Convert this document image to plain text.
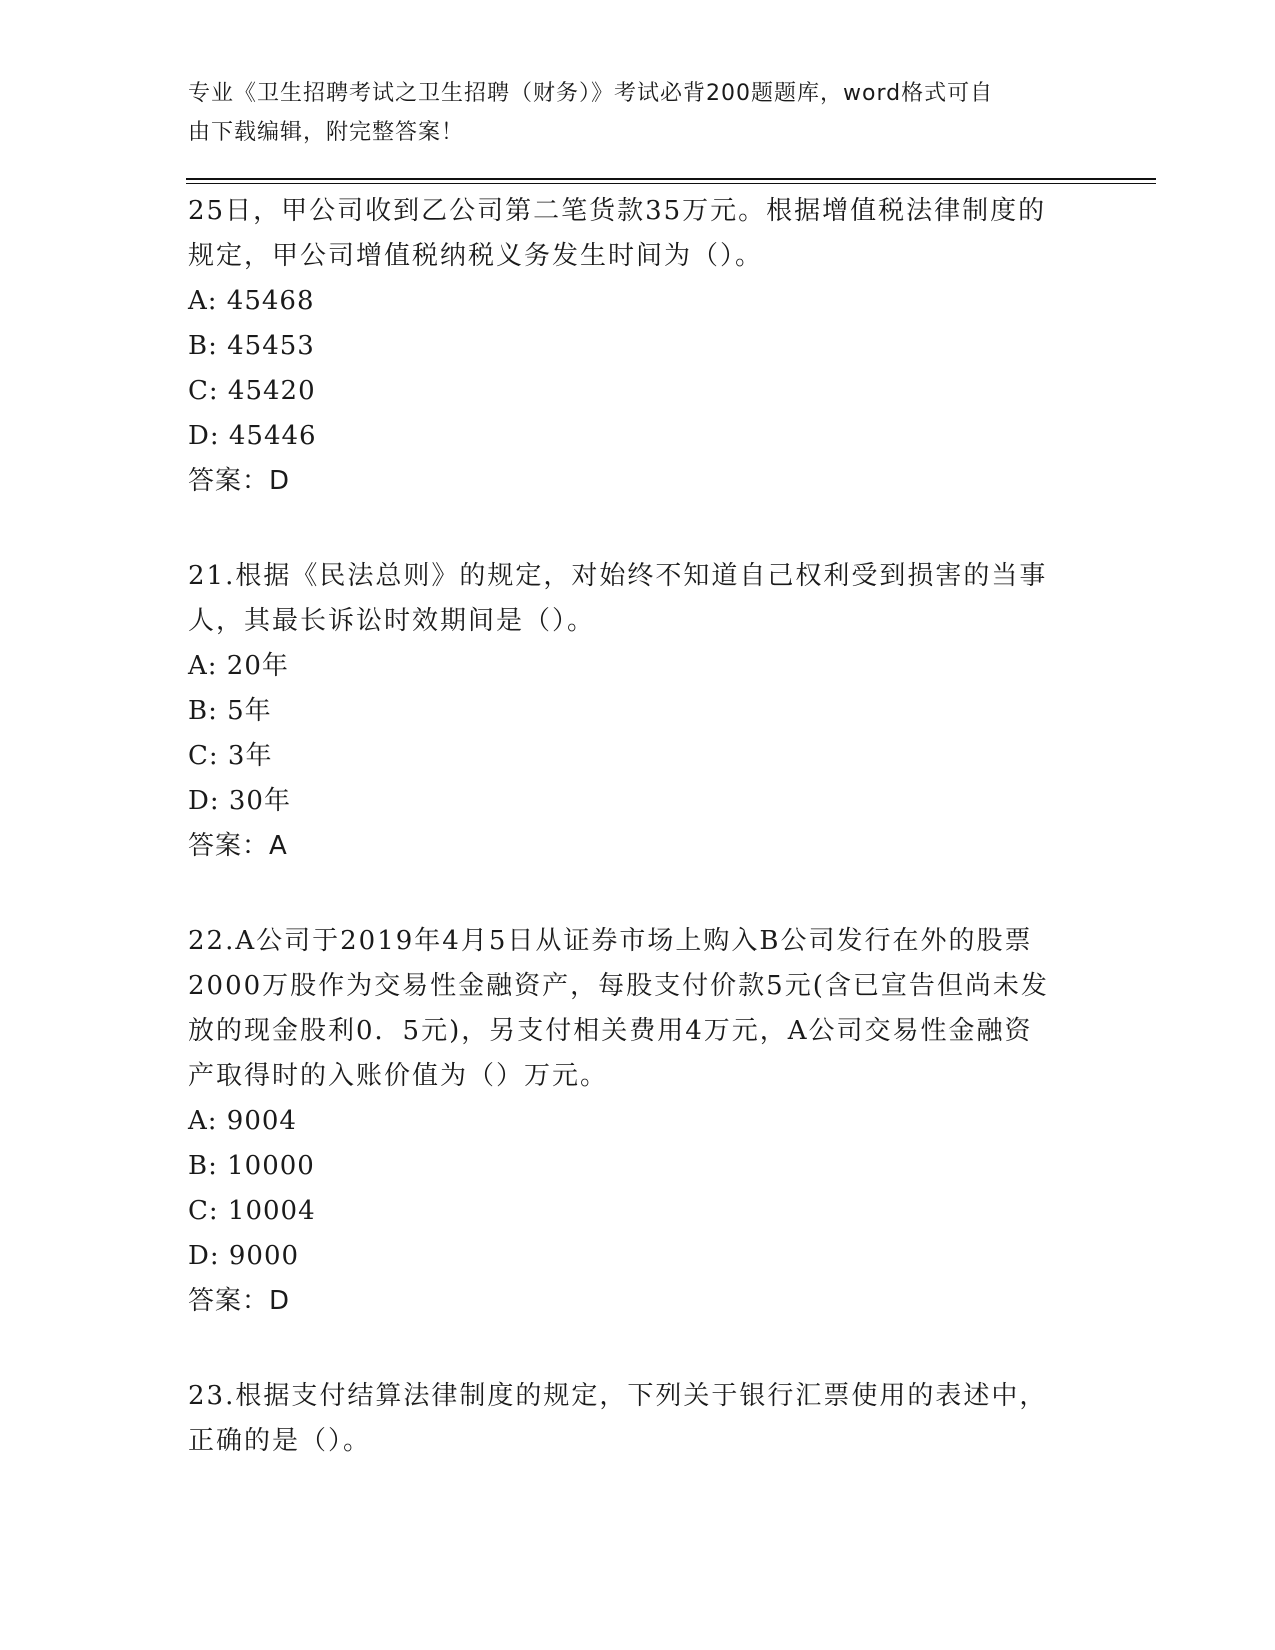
专业《卫生招聘考试之卫生招聘（财务）》考试必背200题题库，word格式可自
由下载编辑，附完整答案！

25日，甲公司收到乙公司第二笔货款35万元。根据增值税法律制度的

规定，甲公司增值税纳税义务发生时间为（）。

A: 45468

B: 45453

C: 45420

D: 45446

答案：D

21.根据《民法总则》的规定，对始终不知道自己权利受到损害的当事

人，其最长诉讼时效期间是（）。

A: 20年

B: 5年

C: 3年

D: 30年

答案：A

22.A公司于2019年4月5日从证券市场上购入B公司发行在外的股票

2000万股作为交易性金融资产，每股支付价款5元(含已宣告但尚未发

放的现金股利0．5元)，另支付相关费用4万元，A公司交易性金融资

产取得时的入账价值为（）万元。

A: 9004

B: 10000

C: 10004

D: 9000

答案：D

23.根据支付结算法律制度的规定，下列关于银行汇票使用的表述中，

正确的是（）。
